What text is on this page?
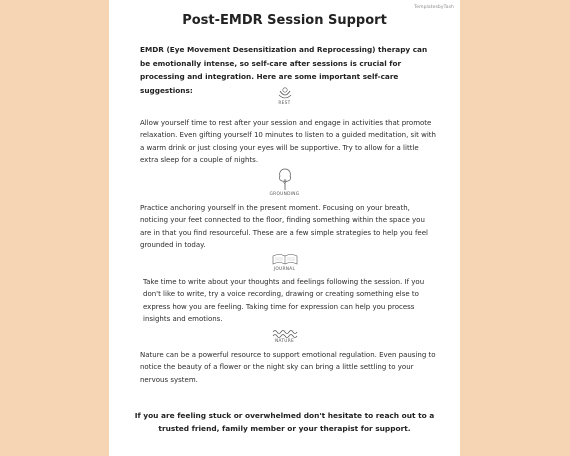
TemplatesbyTash
Post-EMDR Session Support
EMDR (Eye Movement Desensitization and Reprocessing) therapy can be emotionally intense, so self-care after sessions is crucial for processing and integration. Here are some important self-care suggestions:
REST
Allow yourself time to rest after your session and engage in activities that promote relaxation. Even gifting yourself 10 minutes to listen to a guided meditation, sit with a warm drink or just closing your eyes will be supportive. Try to allow for a little extra sleep for a couple of nights.
GROUNDING
Practice anchoring yourself in the present moment. Focusing on your breath, noticing your feet connected to the floor, finding something within the space you are in that you find resourceful. These are a few simple strategies to help you feel grounded in today.
JOURNAL
Take time to write about your thoughts and feelings following the session. If you don't like to write, try a voice recording, drawing or creating something else to express how you are feeling. Taking time for expression can help you process insights and emotions.
NATURE
Nature can be a powerful resource to support emotional regulation. Even pausing to notice the beauty of a flower or the night sky can bring a little settling to your nervous system.
If you are feeling stuck or overwhelmed don't hesitate to reach out to a trusted friend, family member or your therapist for support.
